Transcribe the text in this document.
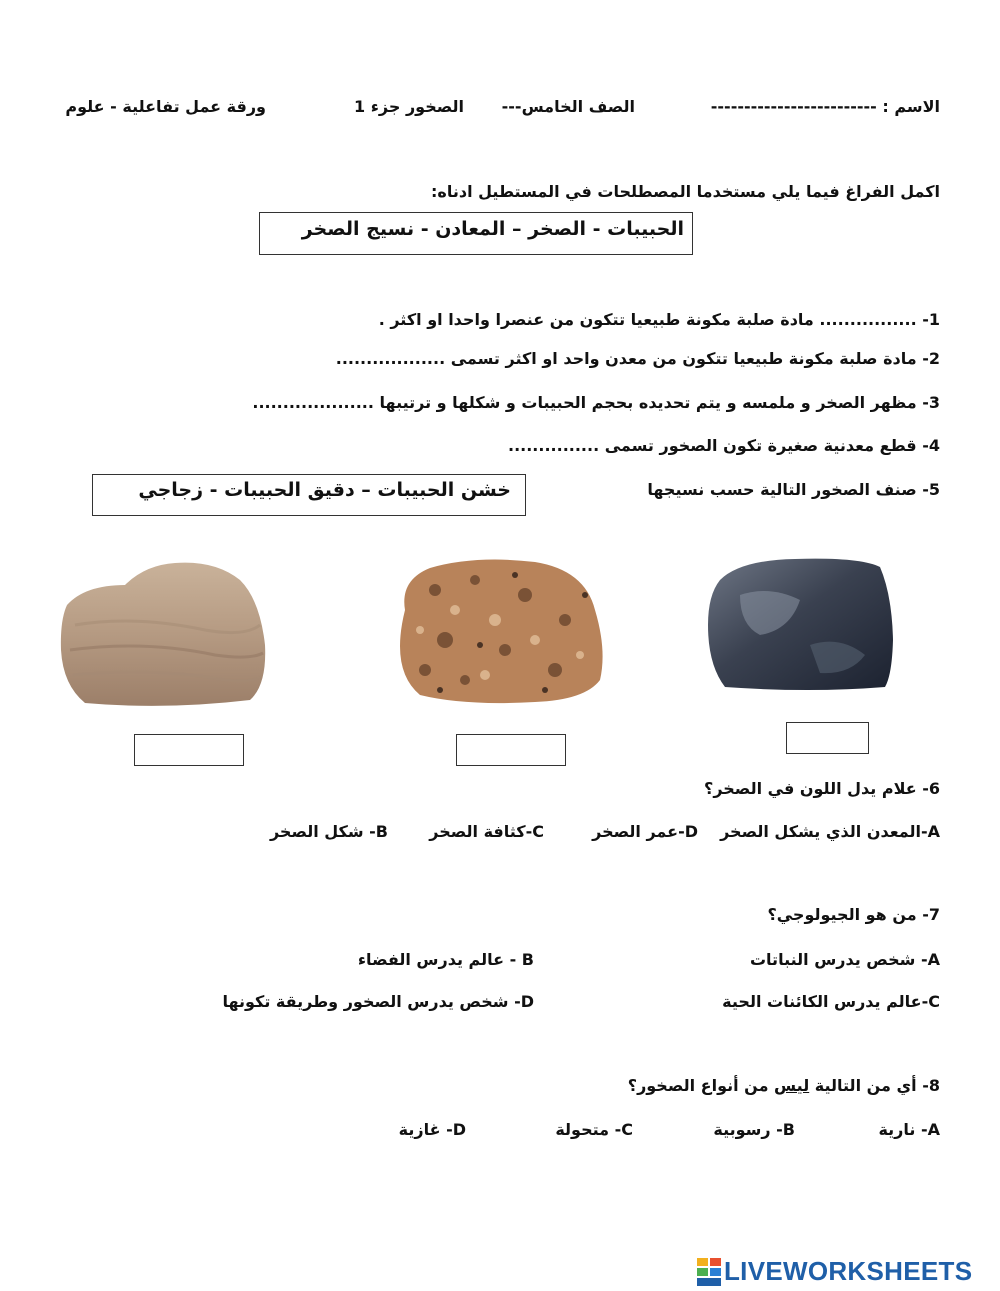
الاسم : -------------------------
الصف الخامس---
الصخور جزء 1
ورقة عمل تفاعلية - علوم
اكمل الفراغ فيما يلي مستخدما المصطلحات في المستطيل ادناه:
الحبيبات - الصخر – المعادن - نسيج الصخر
1- ................ مادة صلبة مكونة طبيعيا تتكون من عنصرا واحدا او اكثر .
2- مادة صلبة مكونة طبيعيا تتكون من معدن واحد او اكثر تسمى ..................
3- مظهر الصخر و ملمسه و يتم تحديده بحجم الحبيبات و شكلها و ترتيبها ....................
4- قطع معدنية صغيرة تكون الصخور تسمى ...............
5- صنف الصخور التالية حسب نسيجها
خشن الحبيبات – دقيق الحبيبات - زجاجي
6- علام يدل اللون في الصخر؟
A-المعدن الذي يشكل الصخر
D-عمر الصخر
C-كثافة الصخر
B- شكل الصخر
7- من هو الجيولوجي؟
A- شخص يدرس النباتات
B - عالم يدرس الفضاء
C-عالم يدرس الكائنات الحية
D- شخص يدرس الصخور وطريقة تكونها
8- أي من التالية ليس من أنواع الصخور؟
A- نارية
B- رسوبية
C- متحولة
D- غازية
LIVEWORKSHEETS
